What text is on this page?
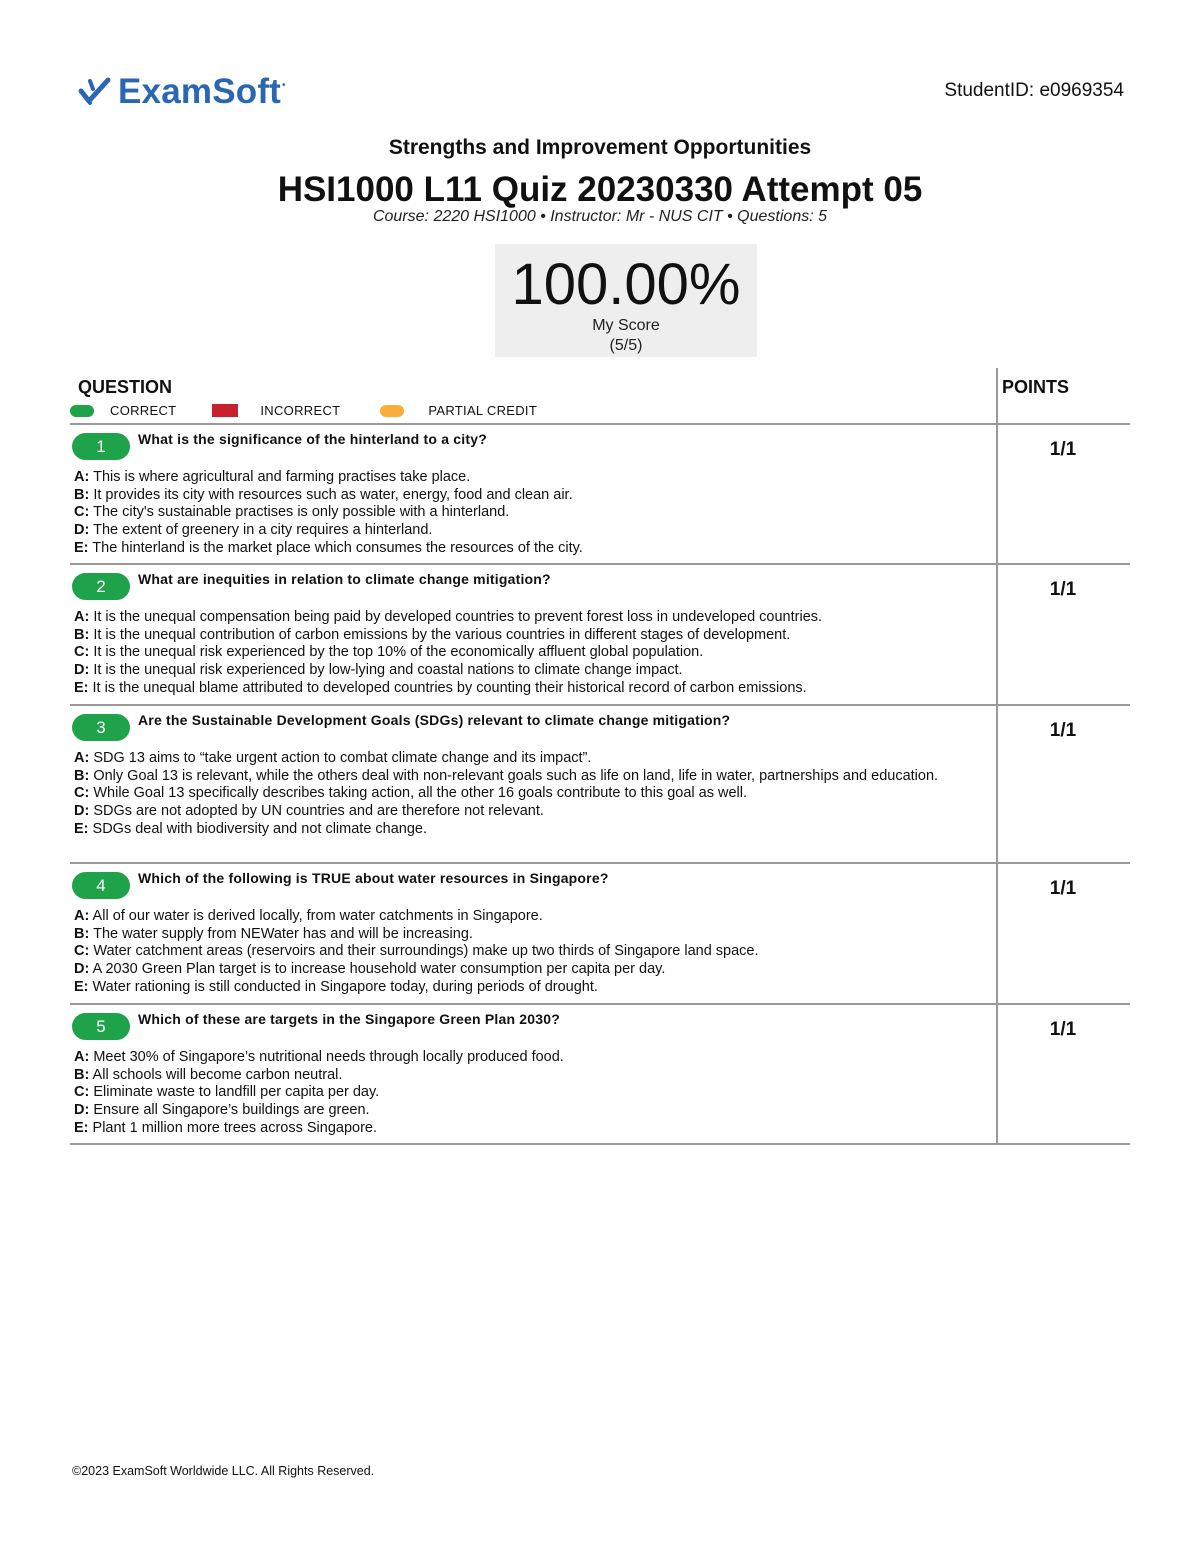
ExamSoft •	StudentID: e0969354
Strengths and Improvement Opportunities
HSI1000 L11 Quiz 20230330 Attempt 05
Course: 2220 HSI1000 • Instructor: Mr - NUS CIT • Questions: 5
100.00%
My Score
(5/5)
QUESTION	POINTS
CORRECT	INCORRECT	PARTIAL CREDIT
1	What is the significance of the hinterland to a city?
A: This is where agricultural and farming practises take place.
B: It provides its city with resources such as water, energy, food and clean air.
C: The city's sustainable practises is only possible with a hinterland.
D: The extent of greenery in a city requires a hinterland.
E: The hinterland is the market place which consumes the resources of the city.
1/1
2	What are inequities in relation to climate change mitigation?
A: It is the unequal compensation being paid by developed countries to prevent forest loss in undeveloped countries.
B: It is the unequal contribution of carbon emissions by the various countries in different stages of development.
C: It is the unequal risk experienced by the top 10% of the economically affluent global population.
D: It is the unequal risk experienced by low-lying and coastal nations to climate change impact.
E: It is the unequal blame attributed to developed countries by counting their historical record of carbon emissions.
1/1
3	Are the Sustainable Development Goals (SDGs) relevant to climate change mitigation?
A: SDG 13 aims to “take urgent action to combat climate change and its impact”.
B: Only Goal 13 is relevant, while the others deal with non-relevant goals such as life on land, life in water, partnerships and education.
C: While Goal 13 specifically describes taking action, all the other 16 goals contribute to this goal as well.
D: SDGs are not adopted by UN countries and are therefore not relevant.
E: SDGs deal with biodiversity and not climate change.
1/1
4	Which of the following is TRUE about water resources in Singapore?
A: All of our water is derived locally, from water catchments in Singapore.
B: The water supply from NEWater has and will be increasing.
C: Water catchment areas (reservoirs and their surroundings) make up two thirds of Singapore land space.
D: A 2030 Green Plan target is to increase household water consumption per capita per day.
E: Water rationing is still conducted in Singapore today, during periods of drought.
1/1
5	Which of these are targets in the Singapore Green Plan 2030?
A: Meet 30% of Singapore’s nutritional needs through locally produced food.
B: All schools will become carbon neutral.
C: Eliminate waste to landfill per capita per day.
D: Ensure all Singapore’s buildings are green.
E: Plant 1 million more trees across Singapore.
1/1
©2023 ExamSoft Worldwide LLC. All Rights Reserved.
